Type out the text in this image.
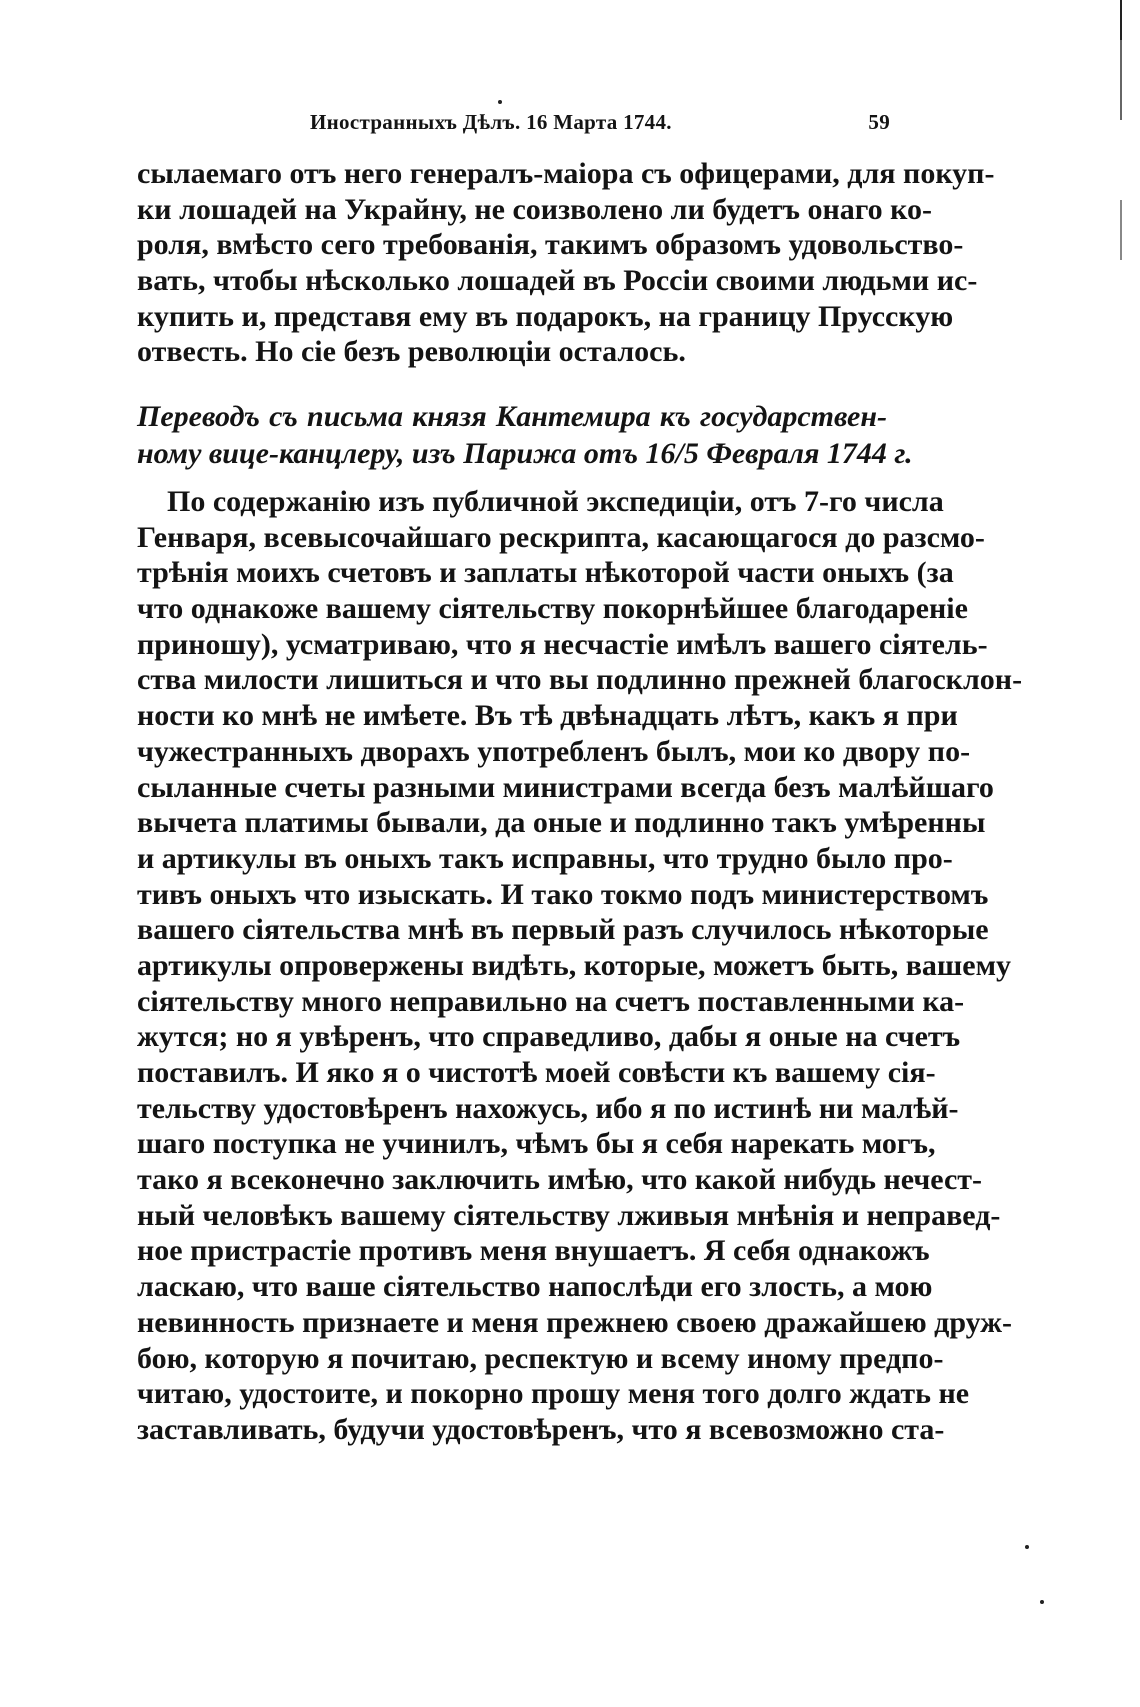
Иностранныхъ Дѣлъ. 16 Марта 1744.	59
сылаемаго отъ него генералъ-маіора съ офицерами, для покуп-
ки лошадей на Украйну, не соизволено ли будетъ онаго ко-
роля, вмѣсто сего требованія, такимъ образомъ удовольство-
вать, чтобы нѣсколько лошадей въ Россіи своими людьми ис-
купить и, представя ему въ подарокъ, на границу Прусскую
отвесть. Но сіе безъ революціи осталось.
Переводъ съ письма князя Кантемира къ государствен-
ному вице-канцлеру, изъ Парижа отъ 16/5 Февраля 1744 г.
По содержанію изъ публичной экспедиціи, отъ 7-го числа
Генваря, всевысочайшаго рескрипта, касающагося до разсмо-
трѣнія моихъ счетовъ и заплаты нѣкоторой части оныхъ (за
что однакоже вашему сіятельству покорнѣйшее благодареніе
приношу), усматриваю, что я несчастіе имѣлъ вашего сіятель-
ства милости лишиться и что вы подлинно прежней благосклон-
ности ко мнѣ не имѣете. Въ тѣ двѣнадцать лѣтъ, какъ я при
чужестранныхъ дворахъ употребленъ былъ, мои ко двору по-
сыланные счеты разными министрами всегда безъ малѣйшаго
вычета платимы бывали, да оные и подлинно такъ умѣренны
и артикулы въ оныхъ такъ исправны, что трудно было про-
тивъ оныхъ что изыскать. И тако токмо подъ министерствомъ
вашего сіятельства мнѣ въ первый разъ случилось нѣкоторые
артикулы опровержены видѣть, которые, можетъ быть, вашему
сіятельству много неправильно на счетъ поставленными ка-
жутся; но я увѣренъ, что справедливо, дабы я оные на счетъ
поставилъ. И яко я о чистотѣ моей совѣсти къ вашему сія-
тельству удостовѣренъ нахожусь, ибо я по истинѣ ни малѣй-
шаго поступка не учинилъ, чѣмъ бы я себя нарекать могъ,
тако я всеконечно заключить имѣю, что какой нибудь нечест-
ный человѣкъ вашему сіятельству лживыя мнѣнія и неправед-
ное пристрастіе противъ меня внушаетъ. Я себя однакожъ
ласкаю, что ваше сіятельство напослѣди его злость, а мою
невинность признаете и меня прежнею своею дражайшею друж-
бою, которую я почитаю, респектую и всему иному предпо-
читаю, удостоите, и покорно прошу меня того долго ждать не
заставливать, будучи удостовѣренъ, что я всевозможно ста-
